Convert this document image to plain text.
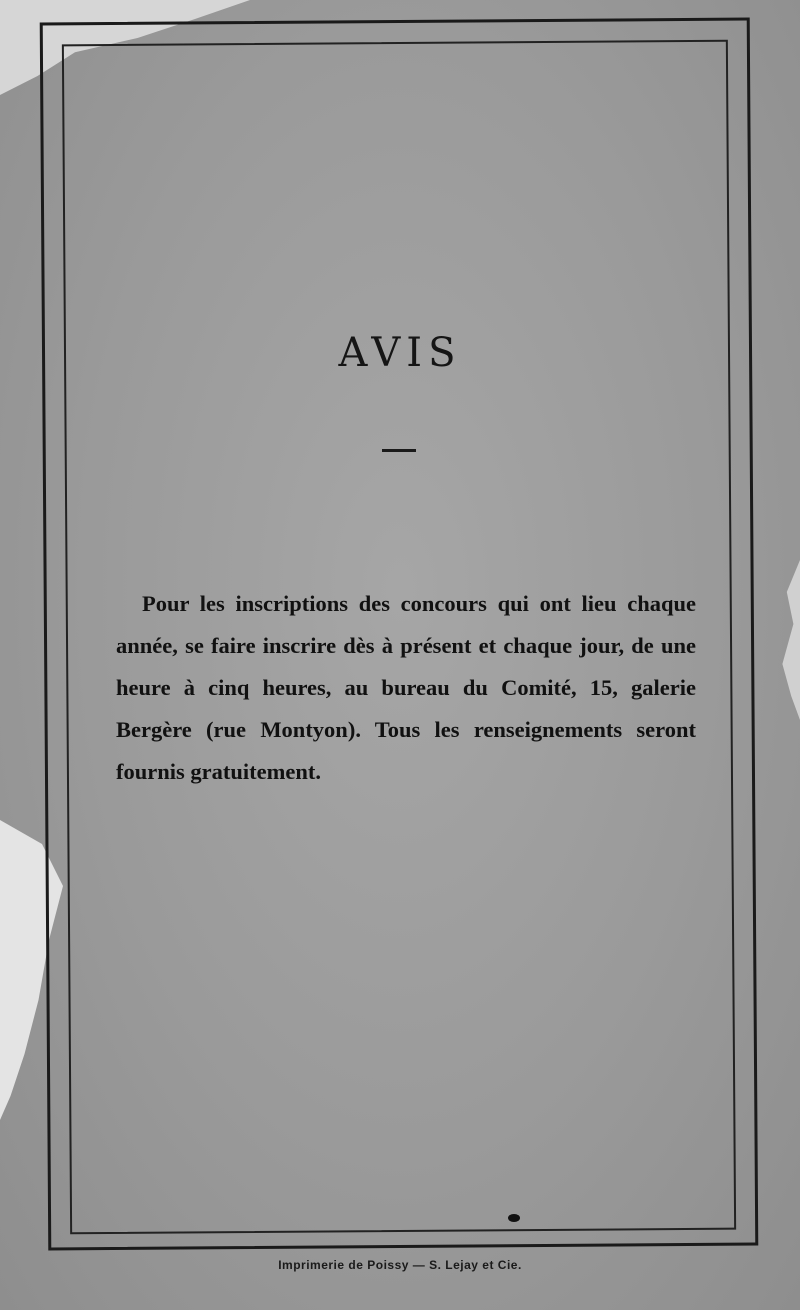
AVIS
Pour les inscriptions des concours qui ont lieu chaque année, se faire inscrire dès à présent et chaque jour, de une heure à cinq heures, au bureau du Comité, 15, galerie Bergère (rue Montyon). Tous les renseignements seront fournis gratuitement.
Imprimerie de Poissy — S. Lejay et Cie.
